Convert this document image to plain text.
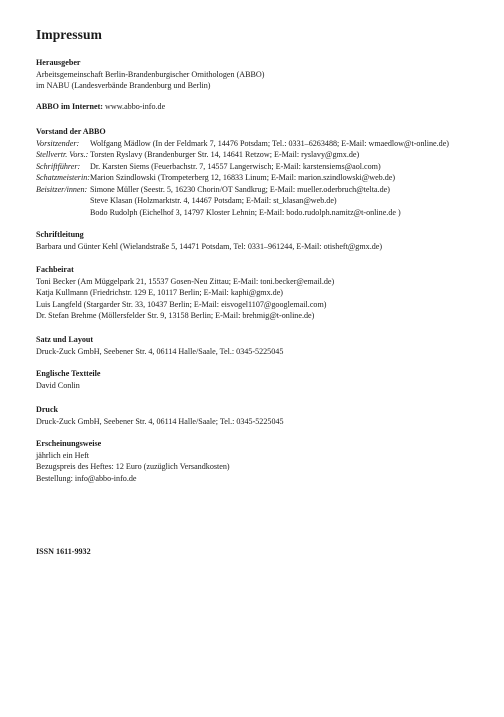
Impressum
Herausgeber
Arbeitsgemeinschaft Berlin-Brandenburgischer Ornithologen (ABBO)
im NABU (Landesverbände Brandenburg und Berlin)
ABBO im Internet: www.abbo-info.de
Vorstand der ABBO
Vorsitzender:	Wolfgang Mädlow (In der Feldmark 7, 14476 Potsdam; Tel.: 0331–6263488; E-Mail: wmaedlow@t-online.de)
Stellvertr. Vors.: Torsten Ryslavy (Brandenburger Str. 14, 14641 Retzow; E-Mail: ryslavy@gmx.de)
Schriftführer:	Dr. Karsten Siems (Feuerbachstr. 7, 14557 Langerwisch; E-Mail: karstensiems@aol.com)
Schatzmeisterin: Marion Szindlowski (Trompeterberg 12, 16833 Linum; E-Mail: marion.szindlowski@web.de)
Beisitzer/innen: Simone Müller (Seestr. 5, 16230 Chorin/OT Sandkrug; E-Mail: mueller.oderbruch@telta.de)
Steve Klasan (Holzmarktstr. 4, 14467 Potsdam; E-Mail: st_klasan@web.de)
Bodo Rudolph (Eichelhof 3, 14797 Kloster Lehnin; E-Mail: bodo.rudolph.namitz@t-online.de )
Schriftleitung
Barbara und Günter Kehl (Wielandstraße 5, 14471 Potsdam, Tel: 0331–961244, E-Mail: otisheft@gmx.de)
Fachbeirat
Toni Becker (Am Müggelpark 21, 15537 Gosen-Neu Zittau; E-Mail: toni.becker@email.de)
Katja Kullmann (Friedrichstr. 129 E, 10117 Berlin; E-Mail: kaphi@gmx.de)
Luis Langfeld (Stargarder Str. 33, 10437 Berlin; E-Mail: eisvogel1107@googlemail.com)
Dr. Stefan Brehme (Möllersfelder Str. 9, 13158 Berlin; E-Mail: brehmig@t-online.de)
Satz und Layout
Druck-Zuck GmbH, Seebener Str. 4, 06114 Halle/Saale, Tel.: 0345-5225045
Englische Textteile
David Conlin
Druck
Druck-Zuck GmbH, Seebener Str. 4, 06114 Halle/Saale; Tel.: 0345-5225045
Erscheinungsweise
jährlich ein Heft
Bezugspreis des Heftes: 12 Euro (zuzüglich Versandkosten)
Bestellung: info@abbo-info.de
ISSN 1611-9932
